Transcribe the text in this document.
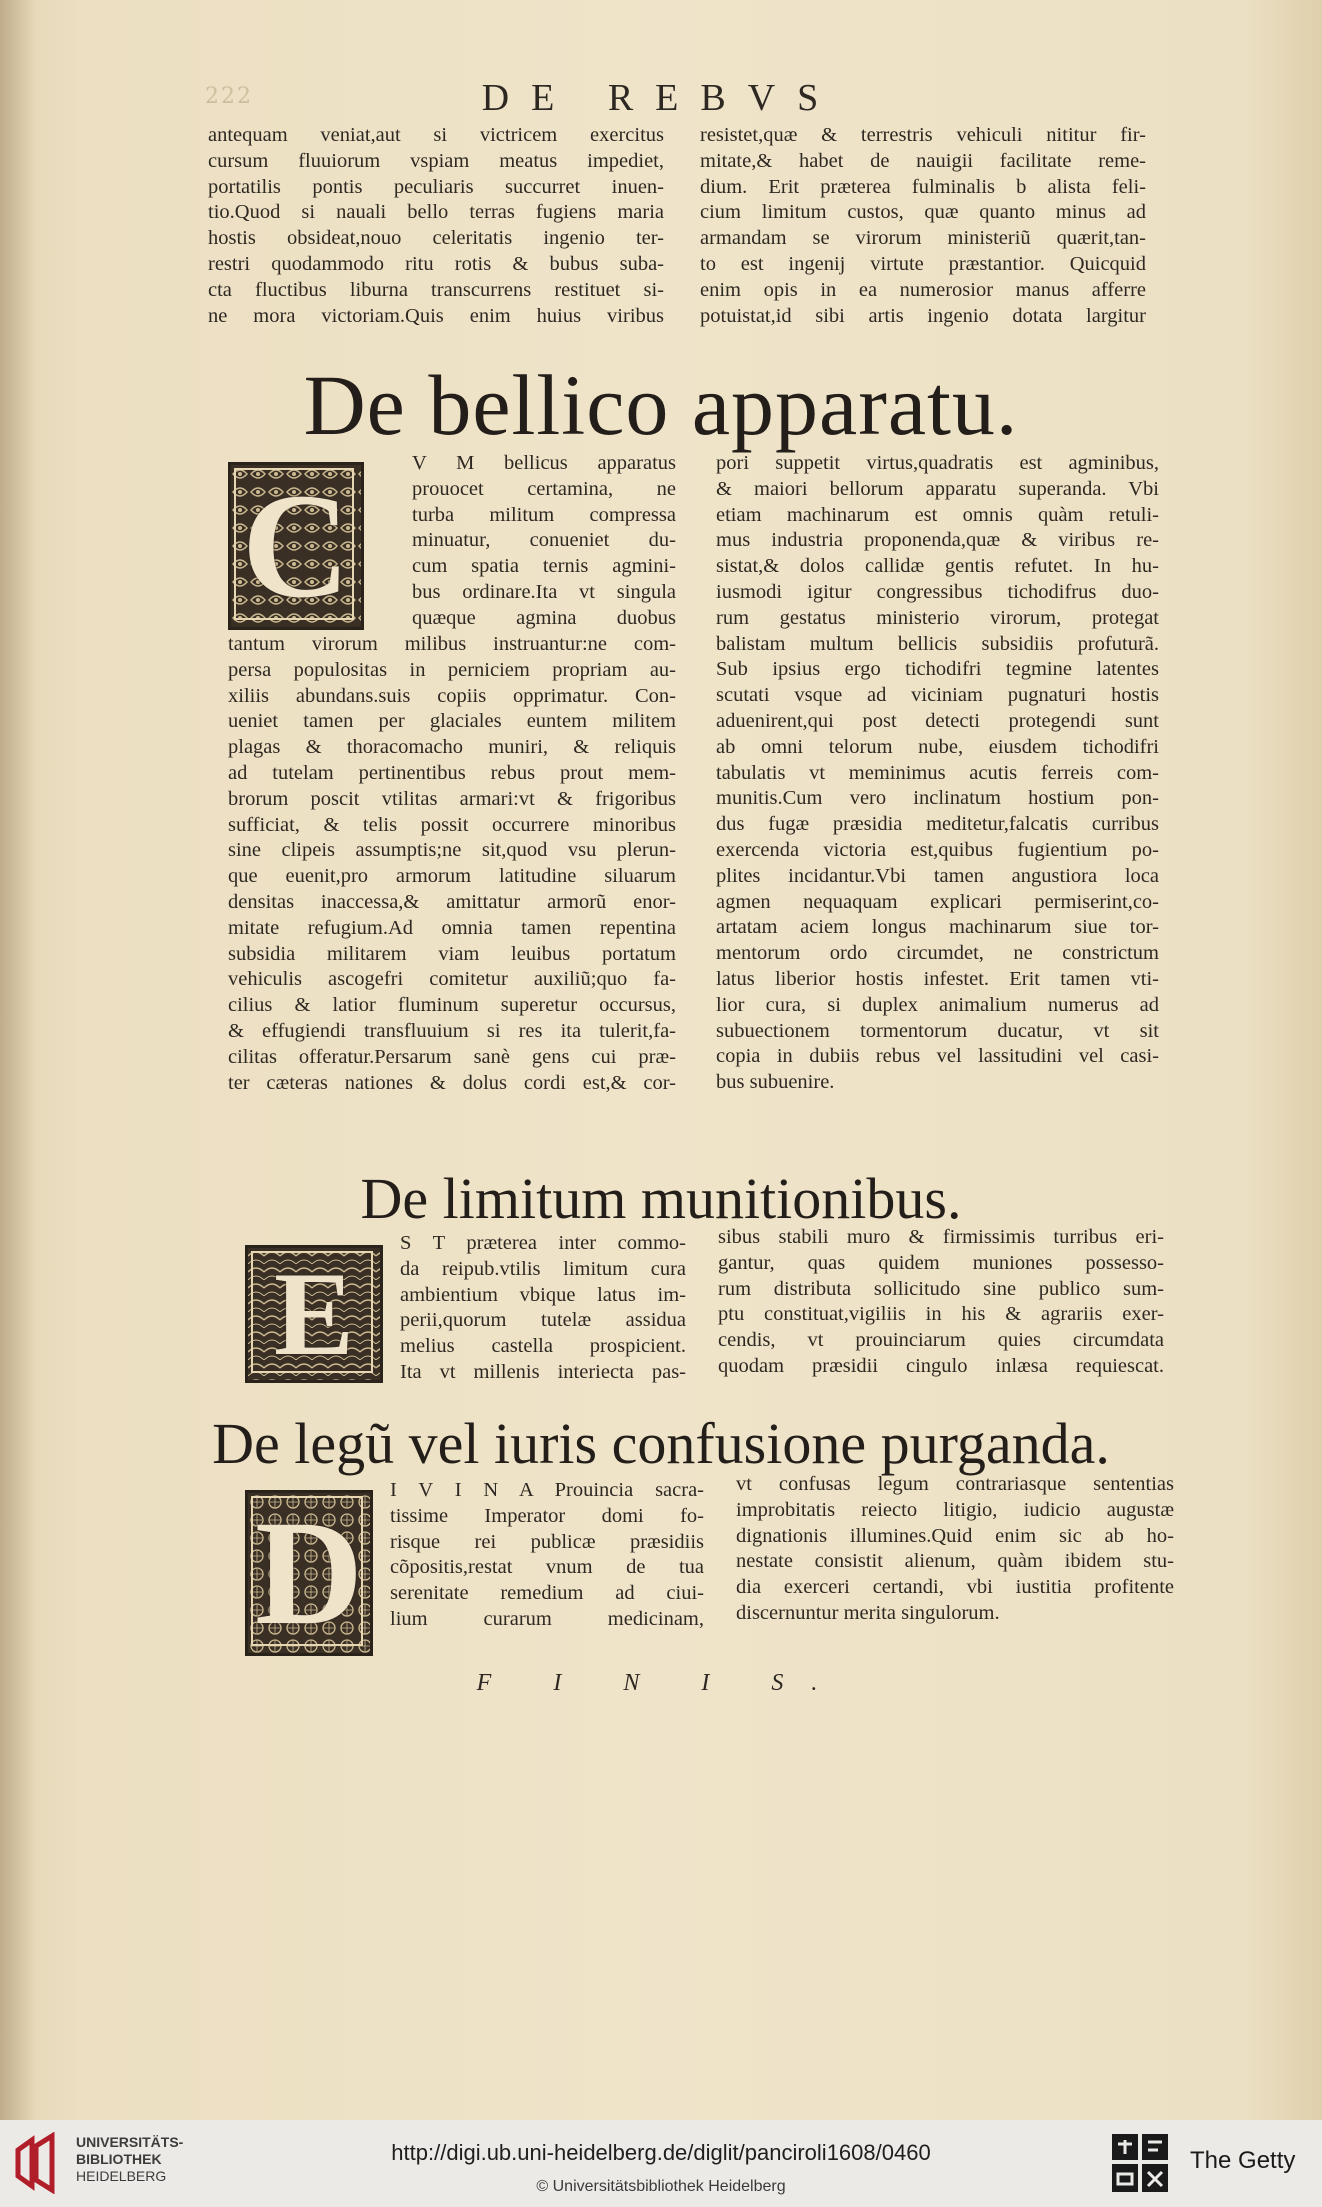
222	DE REBVS
antequam veniat,aut si victricem exercitus
cursum fluuiorum vspiam meatus impediet,
portatilis pontis peculiaris succurret inuen-
tio.Quod si nauali bello terras fugiens maria
hostis obsideat,nouo celeritatis ingenio ter-
restri quodammodo ritu rotis & bubus suba-
cta fluctibus liburna transcurrens restituet si-
ne mora victoriam.Quis enim huius viribus
resistet,quæ & terrestris vehiculi nititur fir-
mitate,& habet de nauigii facilitate reme-
dium. Erit præterea fulminalis b alista feli-
cium limitum custos, quæ quanto minus ad
armandam se virorum ministeriũ quærit,tan-
to est ingenij virtute præstantior. Quicquid
enim opis in ea numerosior manus afferre
potuistat,id sibi artis ingenio dotata largitur
De bellico apparatu.
C	V M bellicus apparatus
prouocet certamina, ne
turba militum compressa
minuatur, conueniet du-
cum spatia ternis agmini-
bus ordinare.Ita vt singula
quæque agmina duobus
tantum virorum milibus instruantur:ne com-
persa populositas in perniciem propriam au-
xiliis abundans.suis copiis opprimatur. Con-
ueniet tamen per glaciales euntem militem
plagas & thoracomacho muniri, & reliquis
ad tutelam pertinentibus rebus prout mem-
brorum poscit vtilitas armari:vt & frigoribus
sufficiat, & telis possit occurrere minoribus
sine clipeis assumptis;ne sit,quod vsu plerun-
que euenit,pro armorum latitudine siluarum
densitas inaccessa,& amittatur armorũ enor-
mitate refugium.Ad omnia tamen repentina
subsidia militarem viam leuibus portatum
vehiculis ascogefri comitetur auxiliũ;quo fa-
cilius & latior fluminum superetur occursus,
& effugiendi transfluuium si res ita tulerit,fa-
cilitas offeratur.Persarum sanè gens cui præ-
ter cæteras nationes & dolus cordi est,& cor-
pori suppetit virtus,quadratis est agminibus,
& maiori bellorum apparatu superanda. Vbi
etiam machinarum est omnis quàm retuli-
mus industria proponenda,quæ & viribus re-
sistat,& dolos callidæ gentis refutet. In hu-
iusmodi igitur congressibus tichodifrus duo-
rum gestatus ministerio virorum, protegat
balistam multum bellicis subsidiis profuturã.
Sub ipsius ergo tichodifri tegmine latentes
scutati vsque ad viciniam pugnaturi hostis
aduenirent,qui post detecti protegendi sunt
ab omni telorum nube, eiusdem tichodifri
tabulatis vt meminimus acutis ferreis com-
munitis.Cum vero inclinatum hostium pon-
dus fugæ præsidia meditetur,falcatis curribus
exercenda victoria est,quibus fugientium po-
plites incidantur.Vbi tamen angustiora loca
agmen nequaquam explicari permiserint,co-
artatam aciem longus machinarum siue tor-
mentorum ordo circumdet, ne constrictum
latus liberior hostis infestet. Erit tamen vti-
lior cura, si duplex animalium numerus ad
subuectionem tormentorum ducatur, vt sit
copia in dubiis rebus vel lassitudini vel casi-
bus subuenire.
De limitum munitionibus.
E
S T præterea inter commo-
da reipub.vtilis limitum cura
ambientium vbique latus im-
perii,quorum tutelæ assidua
melius castella prospicient.
Ita vt millenis interiecta pas-
sibus stabili muro & firmissimis turribus eri-
gantur, quas quidem muniones possesso-
rum distributa sollicitudo sine publico sum-
ptu constituat,vigiliis in his & agrariis exer-
cendis, vt prouinciarum quies circumdata
quodam præsidii cingulo inlæsa requiescat.
De legũ vel iuris confusione purganda.
D I V I N A Prouincia sacra-
tissime Imperator domi fo-
risque rei publicæ præsidiis
cõpositis,restat vnum de tua
serenitate remedium ad ciui-
lium curarum medicinam,
vt confusas legum contrariasque sententias
improbitatis reiecto litigio, iudicio augustæ
dignationis illumines.Quid enim sic ab ho-
nestate consistit alienum, quàm ibidem stu-
dia exerceri certandi, vbi iustitia profitente
discernuntur merita singulorum.
F I N I S.
UNIVERSITÄTS-
BIBLIOTHEK
HEIDELBERG
http://digi.ub.uni-heidelberg.de/diglit/panciroli1608/0460
© Universitätsbibliothek Heidelberg
The Getty
